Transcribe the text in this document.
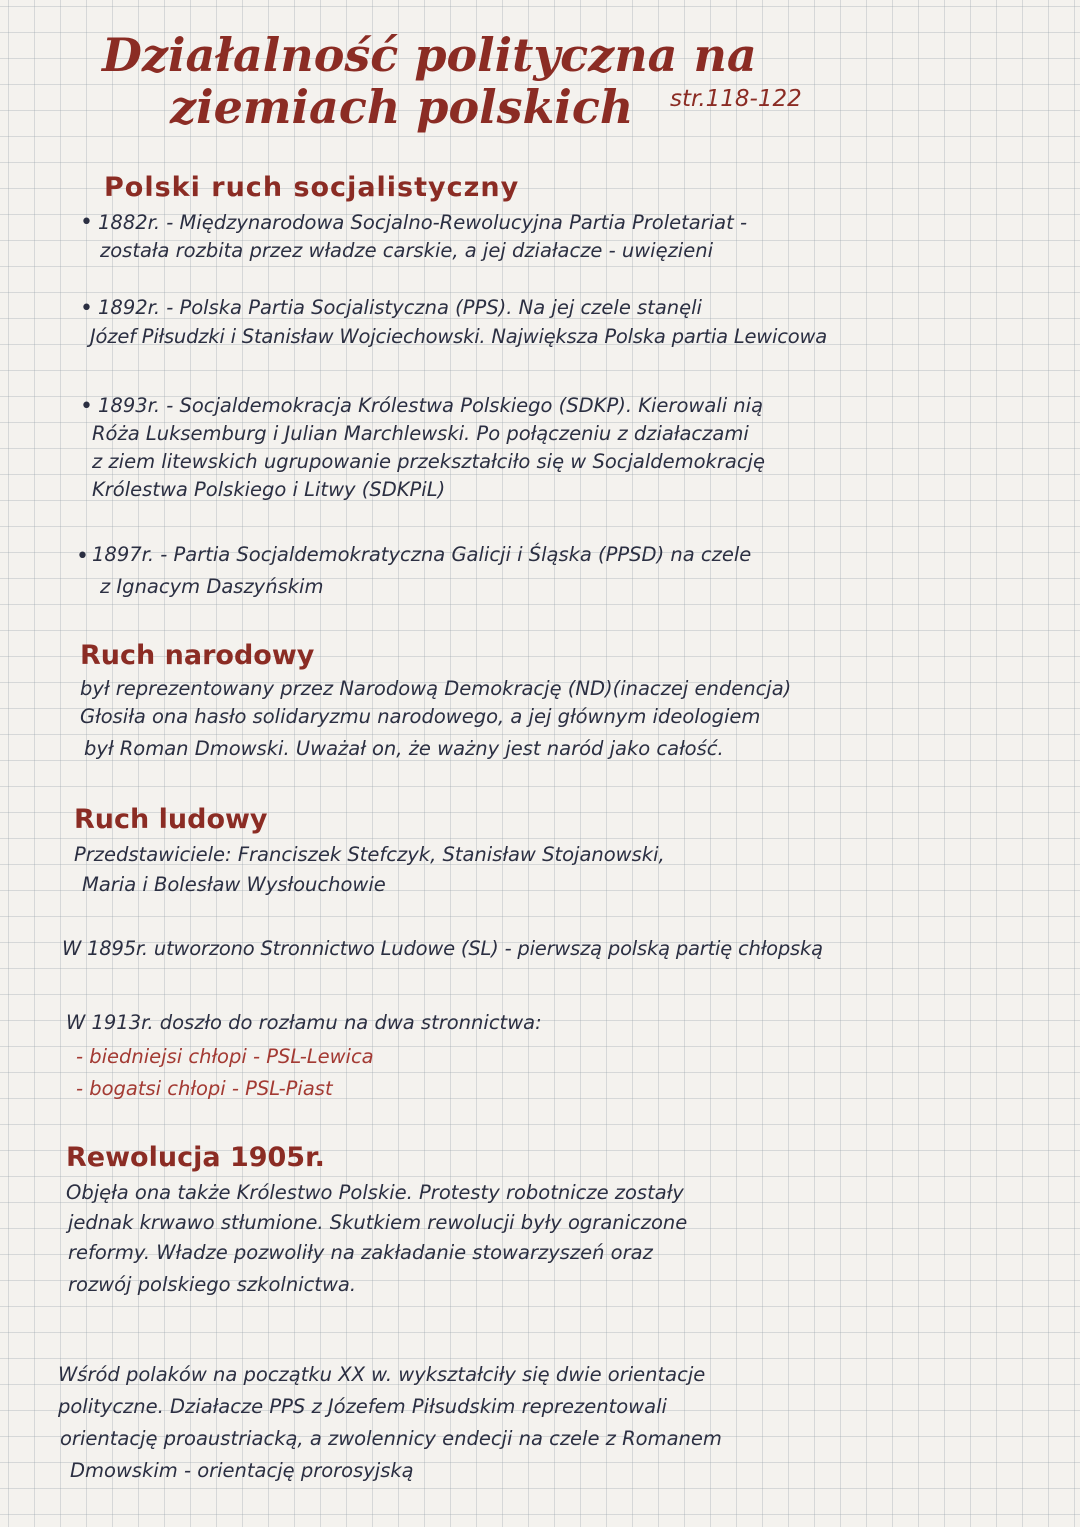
Działalność polityczna na
ziemiach polskich	str.118-122
Polski ruch socjalistyczny
• 1882r. - Międzynarodowa Socjalno-Rewolucyjna Partia Proletariat -
została rozbita przez władze carskie, a jej działacze - uwięzieni
• 1892r. - Polska Partia Socjalistyczna (PPS). Na jej czele stanęli
Józef Piłsudzki i Stanisław Wojciechowski. Największa Polska partia Lewicowa
• 1893r. - Socjaldemokracja Królestwa Polskiego (SDKP). Kierowali nią
Róża Luksemburg i Julian Marchlewski. Po połączeniu z działaczami
z ziem litewskich ugrupowanie przekształciło się w Socjaldemokrację
Królestwa Polskiego i Litwy (SDKPiL)
• 1897r. - Partia Socjaldemokratyczna Galicji i Śląska (PPSD) na czele
z Ignacym Daszyńskim
Ruch narodowy
był reprezentowany przez Narodową Demokrację (ND)(inaczej endencja)
Głosiła ona hasło solidaryzmu narodowego, a jej głównym ideologiem
był Roman Dmowski. Uważał on, że ważny jest naród jako całość.
Ruch ludowy
Przedstawiciele: Franciszek Stefczyk, Stanisław Stojanowski,
Maria i Bolesław Wysłouchowie
W 1895r. utworzono Stronnictwo Ludowe (SL) - pierwszą polską partię chłopską
W 1913r. doszło do rozłamu na dwa stronnictwa:
- biedniejsi chłopi - PSL-Lewica
- bogatsi chłopi - PSL-Piast
Rewolucja 1905r.
Objęła ona także Królestwo Polskie. Protesty robotnicze zostały
jednak krwawo stłumione. Skutkiem rewolucji były ograniczone
reformy. Władze pozwoliły na zakładanie stowarzyszeń oraz
rozwój polskiego szkolnictwa.
Wśród polaków na początku XX w. wykształciły się dwie orientacje
polityczne. Działacze PPS z Józefem Piłsudskim reprezentowali
orientację proaustriacką, a zwolennicy endecji na czele z Romanem
Dmowskim - orientację prorosyjską
